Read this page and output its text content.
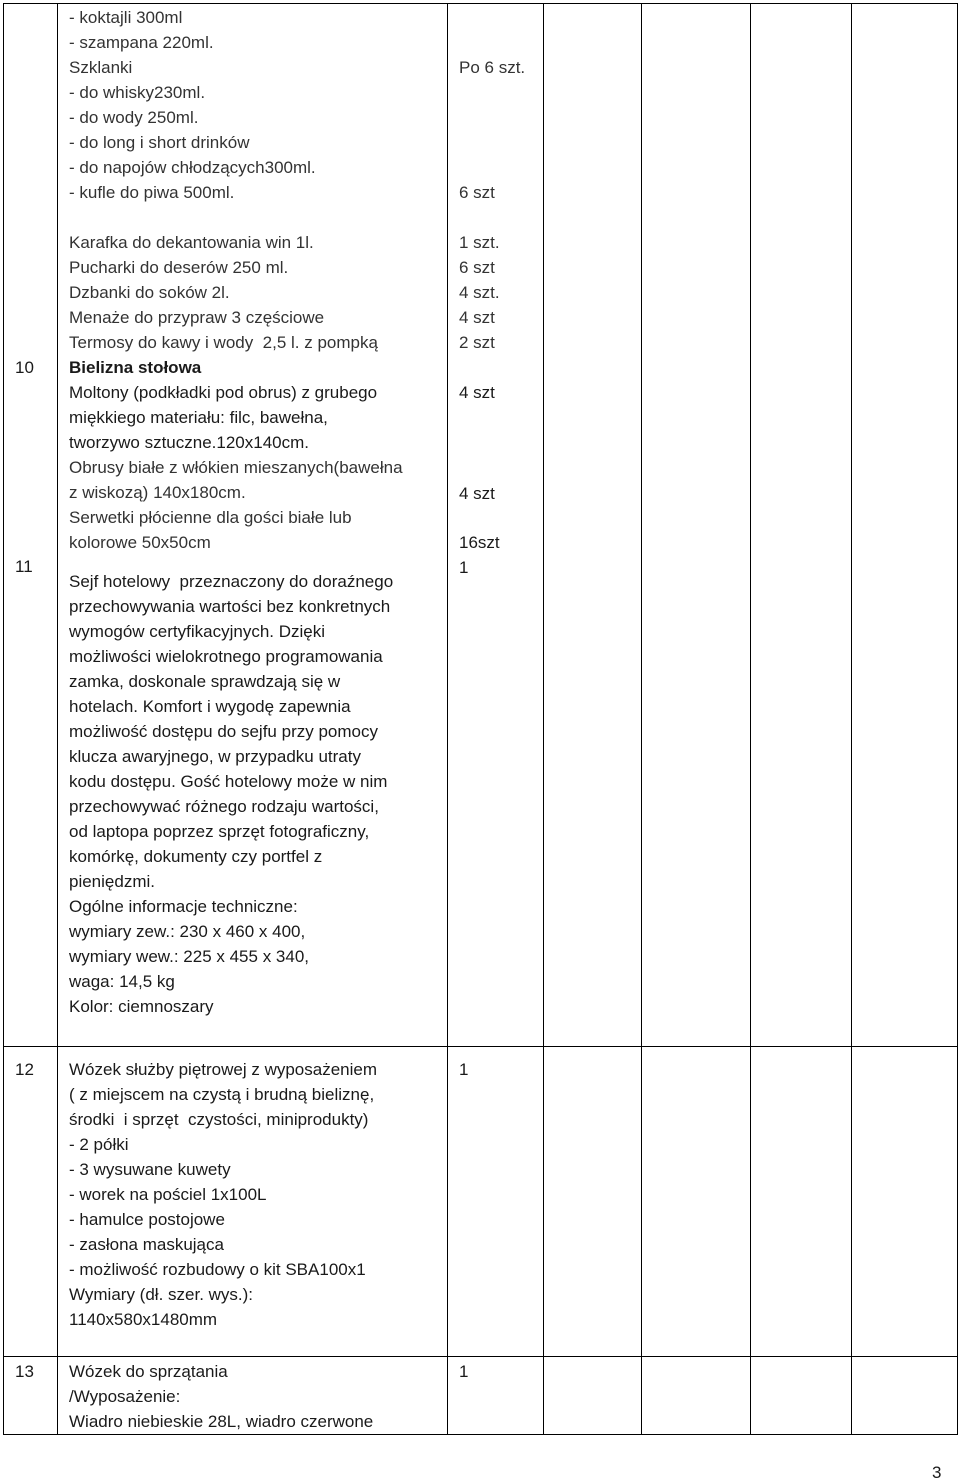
- koktajli 300ml
- szampana 220ml.
Szklanki
- do whisky230ml.
- do wody 250ml.
- do long i short drinków
- do napojów chłodzących300ml.
- kufle do piwa 500ml.
Po 6 szt.
6 szt
Karafka do dekantowania win 1l.
Pucharki do deserów 250 ml.
Dzbanki do soków 2l.
Menaże do przypraw 3 częściowe
Termosy do kawy i wody  2,5 l. z pompką
1 szt.
6 szt
4 szt.
4 szt
2 szt
10 Bielizna stołowa
Moltony (podkładki pod obrus) z grubego
miękkiego materiału: filc, bawełna,
tworzywo sztuczne.120x140cm.
Obrusy białe z włókien mieszanych(bawełna
z wiskozą) 140x180cm.
Serwetki płócienne dla gości białe lub
kolorowe 50x50cm
4 szt
4 szt
16szt
11
Sejf hotelowy  przeznaczony do doraźnego
przechowywania wartości bez konkretnych
wymogów certyfikacyjnych. Dzięki
możliwości wielokrotnego programowania
zamka, doskonale sprawdzają się w
hotelach. Komfort i wygodę zapewnia
możliwość dostępu do sejfu przy pomocy
klucza awaryjnego, w przypadku utraty
kodu dostępu. Gość hotelowy może w nim
przechowywać różnego rodzaju wartości,
od laptopa poprzez sprzęt fotograficzny,
komórkę, dokumenty czy portfel z
pieniędzmi.
Ogólne informacje techniczne:
wymiary zew.: 230 x 460 x 400,
wymiary wew.: 225 x 455 x 340,
waga: 14,5 kg
Kolor: ciemnoszary
1
12 Wózek służby piętrowej z wyposażeniem
( z miejscem na czystą i brudną bieliznę,
środki  i sprzęt  czystości, miniprodukty)
- 2 półki
- 3 wysuwane kuwety
- worek na pościel 1x100L
- hamulce postojowe
- zasłona maskująca
- możliwość rozbudowy o kit SBA100x1
Wymiary (dł. szer. wys.):
1140x580x1480mm
1
13 Wózek do sprzątania
/Wyposażenie:
Wiadro niebieskie 28L, wiadro czerwone
1
3
